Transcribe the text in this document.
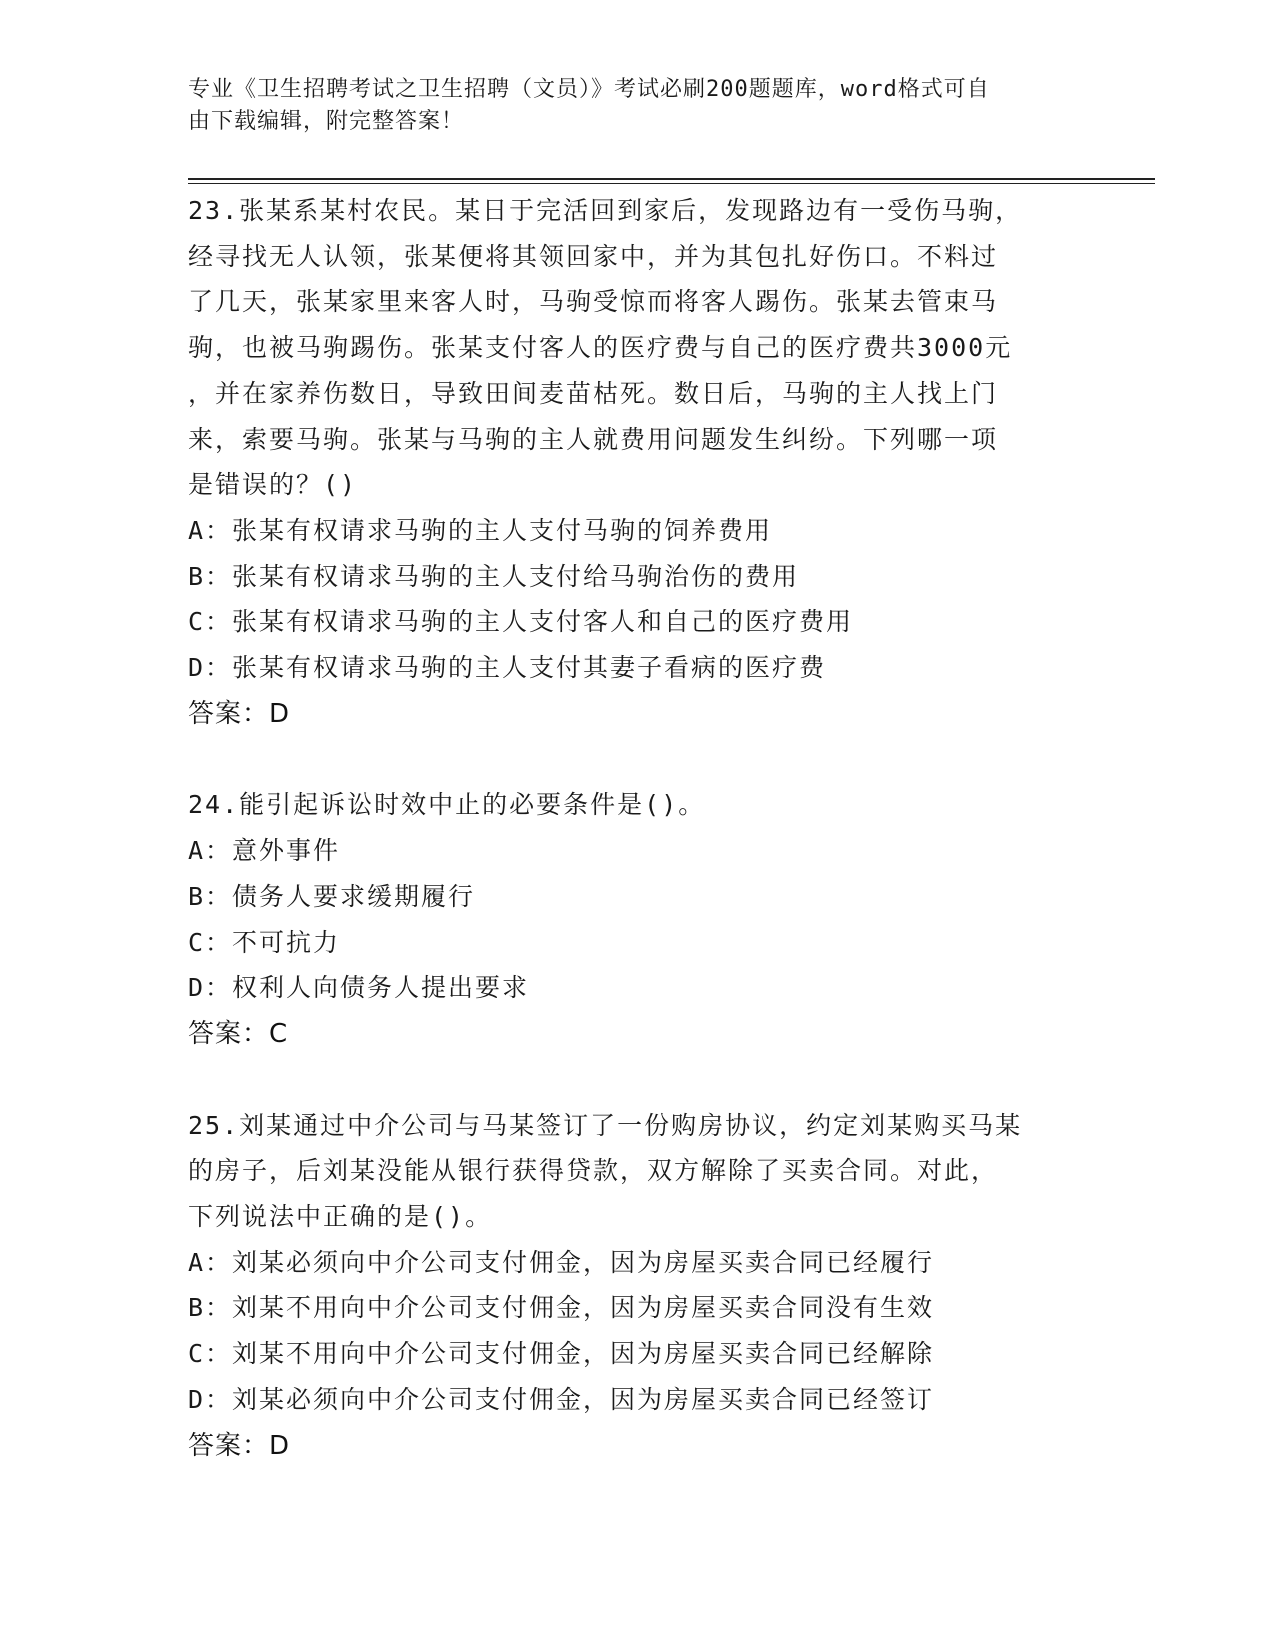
专业《卫生招聘考试之卫生招聘（文员）》考试必刷200题题库，word格式可自
由下载编辑，附完整答案！
23.张某系某村农民。某日于完活回到家后，发现路边有一受伤马驹，
经寻找无人认领，张某便将其领回家中，并为其包扎好伤口。不料过
了几天，张某家里来客人时，马驹受惊而将客人踢伤。张某去管束马
驹，也被马驹踢伤。张某支付客人的医疗费与自己的医疗费共3000元
，并在家养伤数日，导致田间麦苗枯死。数日后，马驹的主人找上门
来，索要马驹。张某与马驹的主人就费用问题发生纠纷。下列哪一项
是错误的？()
A：张某有权请求马驹的主人支付马驹的饲养费用
B：张某有权请求马驹的主人支付给马驹治伤的费用
C：张某有权请求马驹的主人支付客人和自己的医疗费用
D：张某有权请求马驹的主人支付其妻子看病的医疗费
答案：D
24.能引起诉讼时效中止的必要条件是()。
A：意外事件
B：债务人要求缓期履行
C：不可抗力
D：权利人向债务人提出要求
答案：C
25.刘某通过中介公司与马某签订了一份购房协议，约定刘某购买马某
的房子，后刘某没能从银行获得贷款，双方解除了买卖合同。对此，
下列说法中正确的是()。
A：刘某必须向中介公司支付佣金，因为房屋买卖合同已经履行
B：刘某不用向中介公司支付佣金，因为房屋买卖合同没有生效
C：刘某不用向中介公司支付佣金，因为房屋买卖合同已经解除
D：刘某必须向中介公司支付佣金，因为房屋买卖合同已经签订
答案：D
